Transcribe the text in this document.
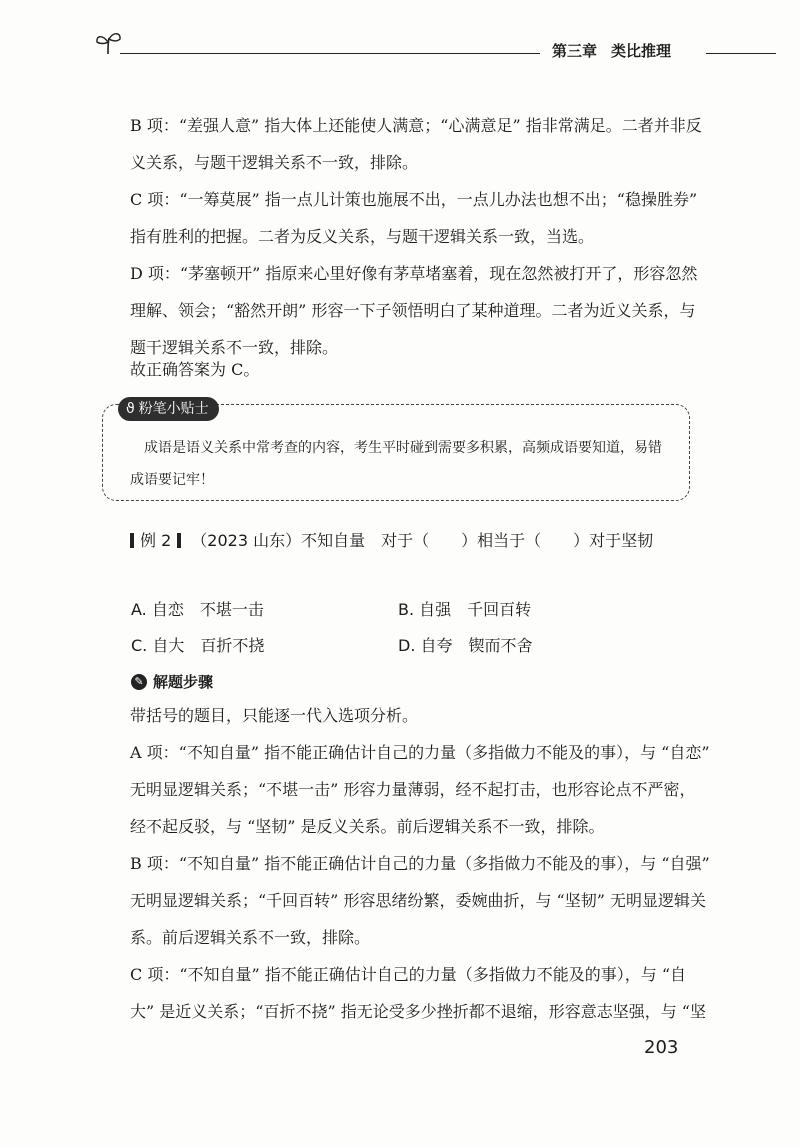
第三章 类比推理

B 项：“差强人意” 指大体上还能使人满意；“心满意足” 指非常满足。二者并非反义关系，与题干逻辑关系不一致，排除。

C 项：“一筹莫展” 指一点儿计策也施展不出，一点儿办法也想不出；“稳操胜券” 指有胜利的把握。二者为反义关系，与题干逻辑关系一致，当选。

D 项：“茅塞顿开” 指原来心里好像有茅草堵塞着，现在忽然被打开了，形容忽然理解、领会；“豁然开朗” 形容一下子领悟明白了某种道理。二者为近义关系，与题干逻辑关系不一致，排除。

故正确答案为 C。

ϑ 粉笔小贴士

成语是语义关系中常考查的内容，考生平时碰到需要多积累，高频成语要知道，易错成语要记牢！

例 2 （2023 山东）不知自量　对于（　　）相当于（　　）对于坚韧
A. 自恋　不堪一击	B. 自强　千回百转
C. 自大　百折不挠	D. 自夸　锲而不舍
✎ 解题步骤

带括号的题目，只能逐一代入选项分析。

A 项：“不知自量” 指不能正确估计自己的力量（多指做力不能及的事），与 “自恋” 无明显逻辑关系；“不堪一击” 形容力量薄弱，经不起打击，也形容论点不严密，经不起反驳，与 “坚韧” 是反义关系。前后逻辑关系不一致，排除。

B 项：“不知自量” 指不能正确估计自己的力量（多指做力不能及的事），与 “自强” 无明显逻辑关系；“千回百转” 形容思绪纷繁，委婉曲折，与 “坚韧” 无明显逻辑关系。前后逻辑关系不一致，排除。

C 项：“不知自量” 指不能正确估计自己的力量（多指做力不能及的事），与 “自大” 是近义关系；“百折不挠” 指无论受多少挫折都不退缩，形容意志坚强，与 “坚

203
